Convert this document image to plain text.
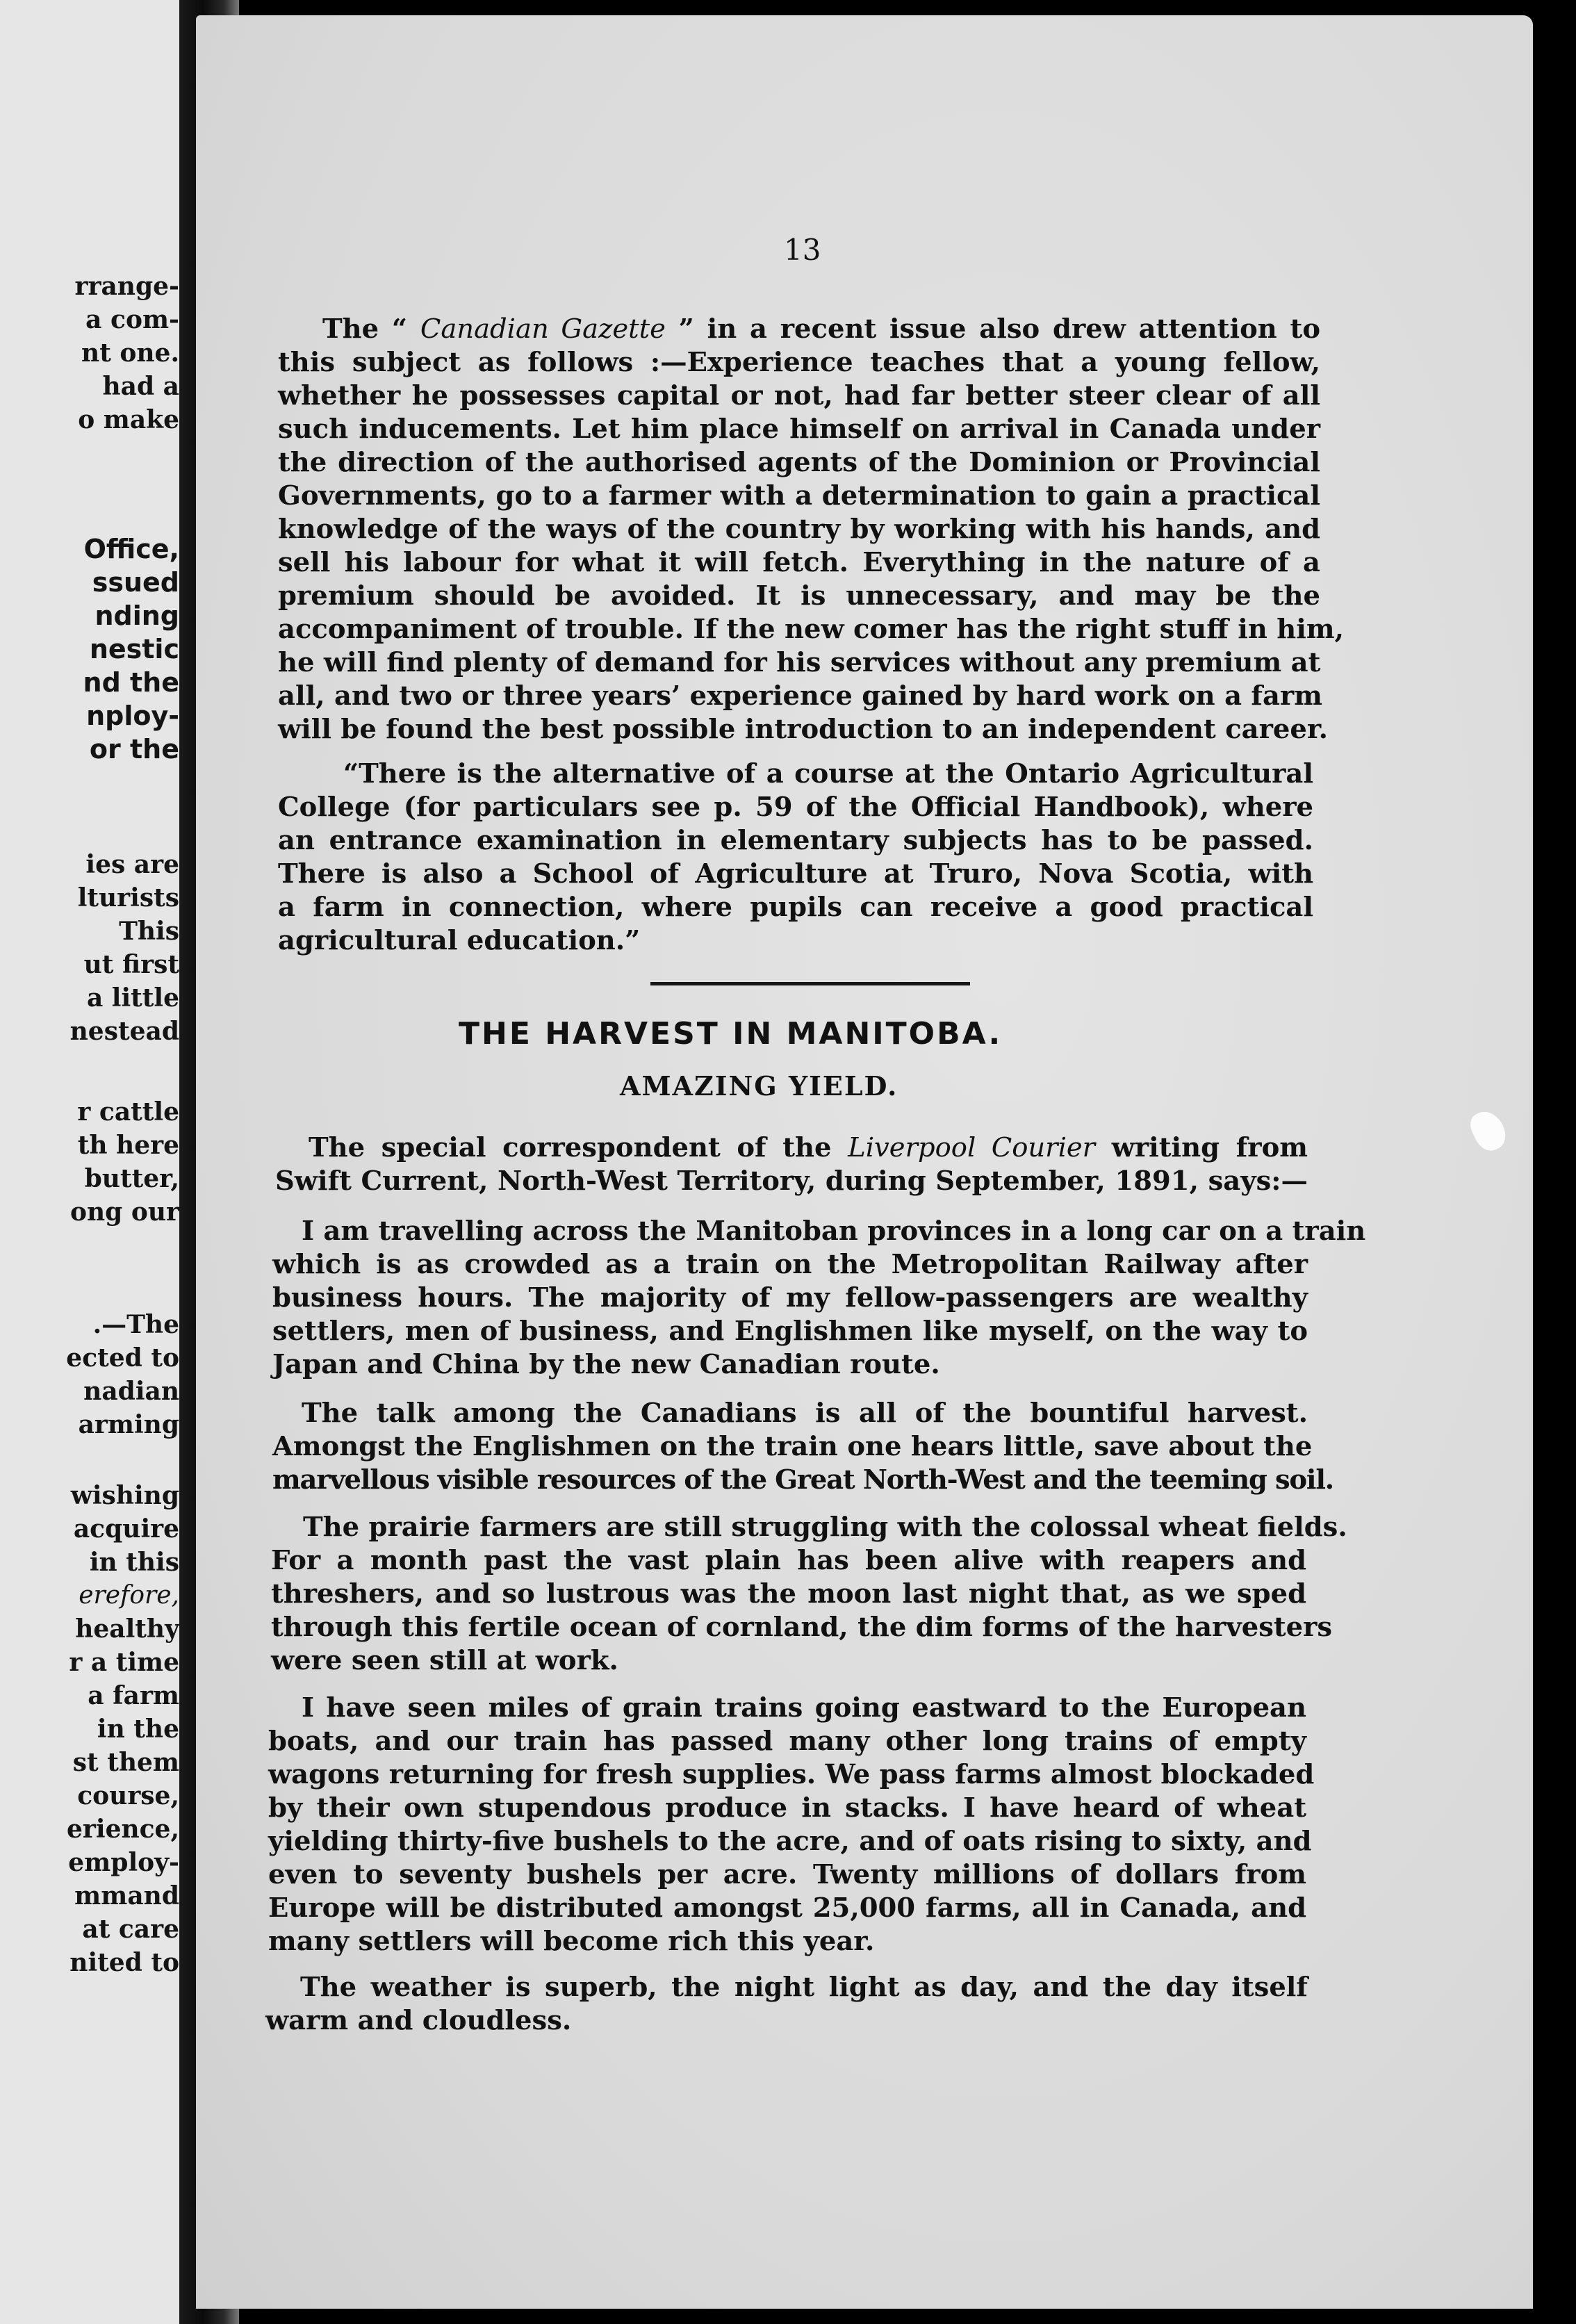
rrange-
a com-
nt one.
had a
o make
Office,
ssued
nding
nestic
nd the
nploy-
or the
ies are
lturists
This
ut first
a little
nestead
r cattle
th here
butter,
ong our
.—The
ected to
nadian
arming
wishing
acquire
in this
erefore,
healthy
r a time
a farm
in the
st them
course,
erience,
employ-
mmand
at care
nited to
13
The “ Canadian Gazette ” in a recent issue also drew attention to
this subject as follows :—Experience teaches that a young fellow,
whether he possesses capital or not, had far better steer clear of all
such inducements. Let him place himself on arrival in Canada under
the direction of the authorised agents of the Dominion or Provincial
Governments, go to a farmer with a determination to gain a practical
knowledge of the ways of the country by working with his hands, and
sell his labour for what it will fetch. Everything in the nature of a
premium should be avoided. It is unnecessary, and may be the
accompaniment of trouble. If the new comer has the right stuff in him,
he will find plenty of demand for his services without any premium at
all, and two or three years’ experience gained by hard work on a farm
will be found the best possible introduction to an independent career.
“There is the alternative of a course at the Ontario Agricultural
College (for particulars see p. 59 of the Official Handbook), where
an entrance examination in elementary subjects has to be passed.
There is also a School of Agriculture at Truro, Nova Scotia, with
a farm in connection, where pupils can receive a good practical
agricultural education.”
THE HARVEST IN MANITOBA.
AMAZING YIELD.
The special correspondent of the Liverpool Courier writing from
Swift Current, North-West Territory, during September, 1891, says:—
I am travelling across the Manitoban provinces in a long car on a train
which is as crowded as a train on the Metropolitan Railway after
business hours. The majority of my fellow-passengers are wealthy
settlers, men of business, and Englishmen like myself, on the way to
Japan and China by the new Canadian route.
The talk among the Canadians is all of the bountiful harvest.
Amongst the Englishmen on the train one hears little, save about the
marvellous visible resources of the Great North-West and the teeming soil.
The prairie farmers are still struggling with the colossal wheat fields.
For a month past the vast plain has been alive with reapers and
threshers, and so lustrous was the moon last night that, as we sped
through this fertile ocean of cornland, the dim forms of the harvesters
were seen still at work.
I have seen miles of grain trains going eastward to the European
boats, and our train has passed many other long trains of empty
wagons returning for fresh supplies. We pass farms almost blockaded
by their own stupendous produce in stacks. I have heard of wheat
yielding thirty-five bushels to the acre, and of oats rising to sixty, and
even to seventy bushels per acre. Twenty millions of dollars from
Europe will be distributed amongst 25,000 farms, all in Canada, and
many settlers will become rich this year.
The weather is superb, the night light as day, and the day itself
warm and cloudless.
